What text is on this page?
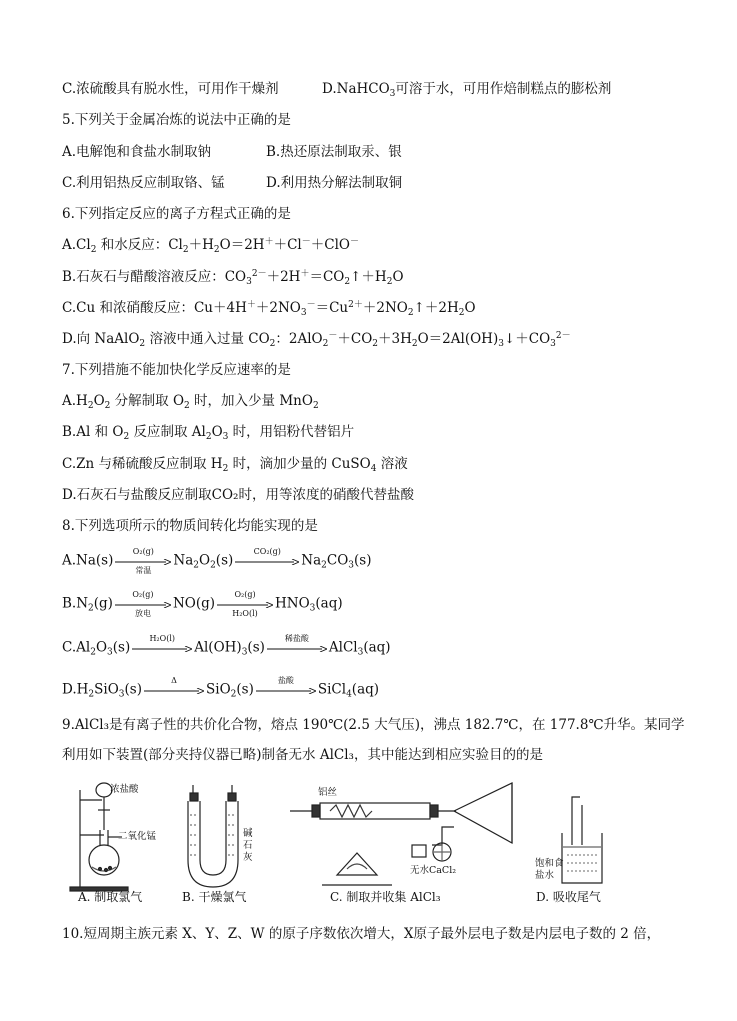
C.浓硫酸具有脱水性，可用作干燥剂	D.NaHCO$_3$可溶于水，可用作焙制糕点的膨松剂
5.下列关于金属冶炼的说法中正确的是
A.电解饱和食盐水制取钠	B.热还原法制取汞、银
C.利用铝热反应制取铬、锰	D.利用热分解法制取铜
6.下列指定反应的离子方程式正确的是
$A.Cl_2$ 和水反应：$Cl_2+H_2O=2H^++Cl^-+ClO^-$
B.石灰石与醋酸溶液反应：$CO_3^{2-}+2H^+=CO_2↑+H_2O$
C.Cu 和浓硝酸反应：$Cu+4H^++2NO_3^-=Cu^{2+}+2NO_2↑+2H_2O$
D.向 NaAlO$_2$ 溶液中通入过量 $CO_2$：$2AlO_2^-+CO_2+3H_2O=2Al(OH)_3↓+CO_3^{2-}$
7.下列措施不能加快化学反应速率的是
$A.H_2O_2$ 分解制取 $O_2$ 时，加入少量 MnO$_2$
B.Al 和 $O_2$ 反应制取 $Al_2O_3$ 时，用铝粉代替铝片
C.Zn 与稀硫酸反应制取 $H_2$ 时，滴加少量的 CuSO$_4$ 溶液
D.石灰石与盐酸反应制取CO₂时，用等浓度的硝酸代替盐酸
8.下列选项所示的物质间转化均能实现的是
A.Na(s)
O₂(g)
常温
$Na_2O_2(s)$
CO₂(g)
$Na_2CO_3(s)$
$B.N_2(g)$
O₂(g)
放电
NO(g)
O₂(g)
H₂O(l)
$HNO_3(aq)$
$C.Al_2O_3(s)$
H₂O(l)
$Al(OH)_3(s)$
稀盐酸
AlCl$_3$(aq)
$D.H_2SiO_3(s)$
Δ
SiO$_2$(s)
盐酸
SiCl$_4$(aq)
9.AlCl₃是有离子性的共价化合物，熔点 190℃(2.5 大气压)，沸点 182.7℃，在 177.8℃升华。某同学
利用如下装置(部分夹持仪器已略)制备无水 AlCl₃，其中能达到相应实验目的的是
浓盐酸
二氧化锰	碱石灰
铝丝
无水CaCl₂
饱和食盐水
A. 制取氯气	B. 干燥氯气	C. 制取并收集 AlCl₃	D. 吸收尾气
10.短周期主族元素 X、Y、Z、W 的原子序数依次增大，X原子最外层电子数是内层电子数的 2 倍，
